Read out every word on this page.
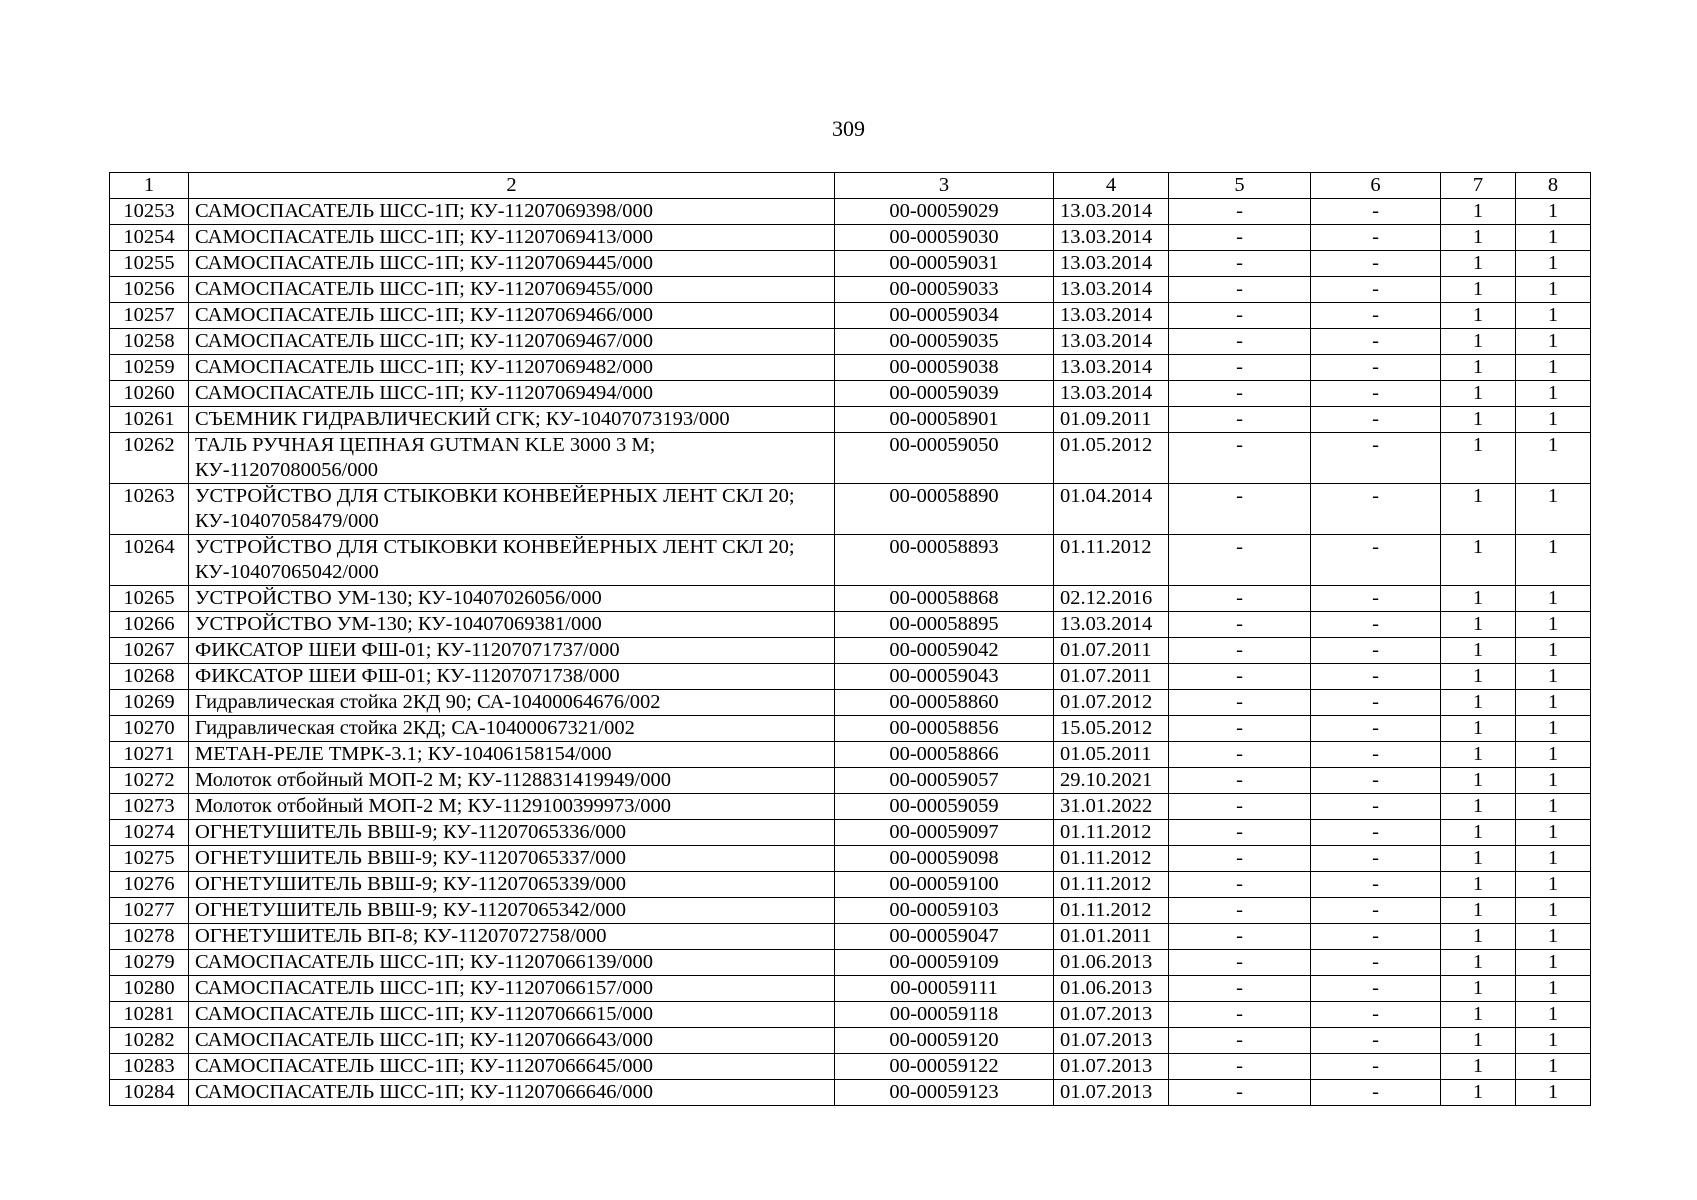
309
1	2	3	4	5	6	7	8
10253	САМОСПАСАТЕЛЬ ШСС-1П; КУ-11207069398/000	00-00059029	13.03.2014	-	-	1	1
10254	САМОСПАСАТЕЛЬ ШСС-1П; КУ-11207069413/000	00-00059030	13.03.2014	-	-	1	1
10255	САМОСПАСАТЕЛЬ ШСС-1П; КУ-11207069445/000	00-00059031	13.03.2014	-	-	1	1
10256	САМОСПАСАТЕЛЬ ШСС-1П; КУ-11207069455/000	00-00059033	13.03.2014	-	-	1	1
10257	САМОСПАСАТЕЛЬ ШСС-1П; КУ-11207069466/000	00-00059034	13.03.2014	-	-	1	1
10258	САМОСПАСАТЕЛЬ ШСС-1П; КУ-11207069467/000	00-00059035	13.03.2014	-	-	1	1
10259	САМОСПАСАТЕЛЬ ШСС-1П; КУ-11207069482/000	00-00059038	13.03.2014	-	-	1	1
10260	САМОСПАСАТЕЛЬ ШСС-1П; КУ-11207069494/000	00-00059039	13.03.2014	-	-	1	1
10261	СЪЕМНИК ГИДРАВЛИЧЕСКИЙ СГК; КУ-10407073193/000	00-00058901	01.09.2011	-	-	1	1
10262	ТАЛЬ РУЧНАЯ ЦЕПНАЯ GUTMAN KLE 3000 3 М; КУ-11207080056/000	00-00059050	01.05.2012	-	-	1	1
10263	УСТРОЙСТВО ДЛЯ СТЫКОВКИ КОНВЕЙЕРНЫХ ЛЕНТ СКЛ 20; КУ-10407058479/000	00-00058890	01.04.2014	-	-	1	1
10264	УСТРОЙСТВО ДЛЯ СТЫКОВКИ КОНВЕЙЕРНЫХ ЛЕНТ СКЛ 20; КУ-10407065042/000	00-00058893	01.11.2012	-	-	1	1
10265	УСТРОЙСТВО УМ-130; КУ-10407026056/000	00-00058868	02.12.2016	-	-	1	1
10266	УСТРОЙСТВО УМ-130; КУ-10407069381/000	00-00058895	13.03.2014	-	-	1	1
10267	ФИКСАТОР ШЕИ ФШ-01; КУ-11207071737/000	00-00059042	01.07.2011	-	-	1	1
10268	ФИКСАТОР ШЕИ ФШ-01; КУ-11207071738/000	00-00059043	01.07.2011	-	-	1	1
10269	Гидравлическая стойка 2КД 90; СА-10400064676/002	00-00058860	01.07.2012	-	-	1	1
10270	Гидравлическая стойка 2КД; СА-10400067321/002	00-00058856	15.05.2012	-	-	1	1
10271	МЕТАН-РЕЛЕ ТМРК-3.1; КУ-10406158154/000	00-00058866	01.05.2011	-	-	1	1
10272	Молоток отбойный МОП-2 М; КУ-1128831419949/000	00-00059057	29.10.2021	-	-	1	1
10273	Молоток отбойный МОП-2 М; КУ-1129100399973/000	00-00059059	31.01.2022	-	-	1	1
10274	ОГНЕТУШИТЕЛЬ ВВШ-9; КУ-11207065336/000	00-00059097	01.11.2012	-	-	1	1
10275	ОГНЕТУШИТЕЛЬ ВВШ-9; КУ-11207065337/000	00-00059098	01.11.2012	-	-	1	1
10276	ОГНЕТУШИТЕЛЬ ВВШ-9; КУ-11207065339/000	00-00059100	01.11.2012	-	-	1	1
10277	ОГНЕТУШИТЕЛЬ ВВШ-9; КУ-11207065342/000	00-00059103	01.11.2012	-	-	1	1
10278	ОГНЕТУШИТЕЛЬ ВП-8; КУ-11207072758/000	00-00059047	01.01.2011	-	-	1	1
10279	САМОСПАСАТЕЛЬ ШСС-1П; КУ-11207066139/000	00-00059109	01.06.2013	-	-	1	1
10280	САМОСПАСАТЕЛЬ ШСС-1П; КУ-11207066157/000	00-00059111	01.06.2013	-	-	1	1
10281	САМОСПАСАТЕЛЬ ШСС-1П; КУ-11207066615/000	00-00059118	01.07.2013	-	-	1	1
10282	САМОСПАСАТЕЛЬ ШСС-1П; КУ-11207066643/000	00-00059120	01.07.2013	-	-	1	1
10283	САМОСПАСАТЕЛЬ ШСС-1П; КУ-11207066645/000	00-00059122	01.07.2013	-	-	1	1
10284	САМОСПАСАТЕЛЬ ШСС-1П; КУ-11207066646/000	00-00059123	01.07.2013	-	-	1	1
